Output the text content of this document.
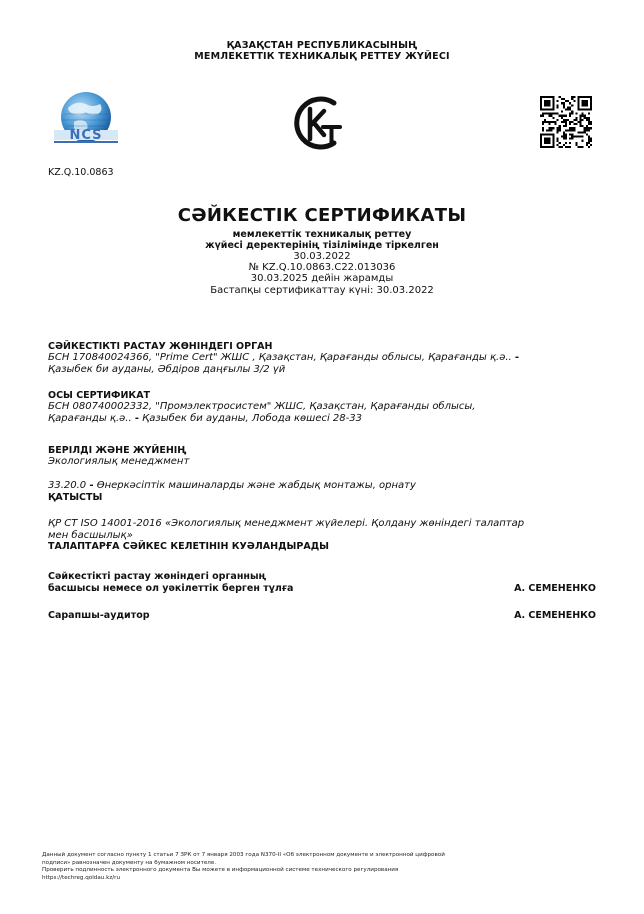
ҚАЗАҚСТАН РЕСПУБЛИКАСЫНЫҢ
МЕМЛЕКЕТТІК ТЕХНИКАЛЫҚ РЕТТЕУ ЖҮЙЕСІ
NCS
KZ.Q.10.0863
СӘЙКЕСТІК СЕРТИФИКАТЫ
мемлекеттік техникалық реттеу
жүйесі деректерінің тізілімінде тіркелген
30.03.2022
№ KZ.Q.10.0863.C22.013036
30.03.2025 дейін жарамды
Бастапқы сертификаттау күні: 30.03.2022
СӘЙКЕСТІКТІ РАСТАУ ЖӨНІНДЕГІ ОРГАН
БСН 170840024366, "Prime Cert" ЖШС , Қазақстан, Қарағанды облысы, Қарағанды қ.ә.. -
Қазыбек би ауданы, Әбдіров даңғылы 3/2 үй
ОСЫ СЕРТИФИКАТ
БСН 080740002332, "Промэлектросистем" ЖШС, Қазақстан, Қарағанды облысы,
Қарағанды қ.ә.. - Қазыбек би ауданы, Лобода көшесі 28-33
БЕРІЛДІ ЖӘНЕ ЖҮЙЕНІҢ
Экологиялық менеджмент
33.20.0 - Өнеркәсіптік машиналарды және жабдық монтажы, орнату
ҚАТЫСТЫ
ҚР СТ ISO 14001-2016 «Экологиялық менеджмент жүйелері. Қолдану жөніндегі талаптар
мен басшылық»
ТАЛАПТАРҒА СӘЙКЕС КЕЛЕТІНІН КУӘЛАНДЫРАДЫ
Сәйкестікті растау жөніндегі органның
басшысы немесе ол уәкілеттік берген тұлға	А. СЕМЕНЕНКО
Сарапшы-аудитор	А. СЕМЕНЕНКО
Данный документ согласно пункту 1 статьи 7 ЗРК от 7 января 2003 года N370-II «Об электронном документе и электронной цифровой
подписи» равнозначен документу на бумажном носителе.
Проверить подлинность электронного документа Вы можете в информационной системе технического регулирования
https://techreg.qoldau.kz/ru
